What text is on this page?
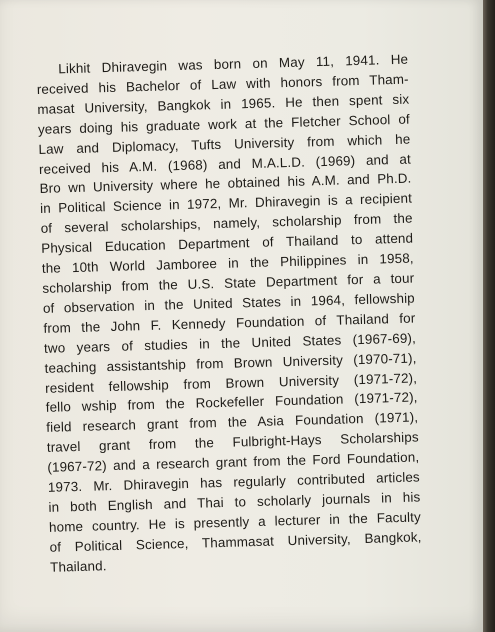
Likhit Dhiravegin was born on May 11, 1941. He
received his Bachelor of Law with honors from Tham-
masat University, Bangkok in 1965. He then spent six
years doing his graduate work at the Fletcher School of
Law and Diplomacy, Tufts University from which he
received his A.M. (1968) and M.A.L.D. (1969) and at
Bro wn University where he obtained his A.M. and Ph.D.
in Political Science in 1972, Mr. Dhiravegin is a recipient
of several scholarships, namely, scholarship from the
Physical Education Department of Thailand to attend
the 10th World Jamboree in the Philippines in 1958,
scholarship from the U.S. State Department for a tour
of observation in the United States in 1964, fellowship
from the John F. Kennedy Foundation of Thailand for
two years of studies in the United States (1967-69),
teaching assistantship from Brown University (1970-71),
resident fellowship from Brown University (1971-72),
fello wship from the Rockefeller Foundation (1971-72),
field research grant from the Asia Foundation (1971),
travel grant from the Fulbright-Hays Scholarships
(1967-72) and a research grant from the Ford Foundation,
1973. Mr. Dhiravegin has regularly contributed articles
in both English and Thai to scholarly journals in his
home country. He is presently a lecturer in the Faculty
of Political Science, Thammasat University, Bangkok,
Thailand.
